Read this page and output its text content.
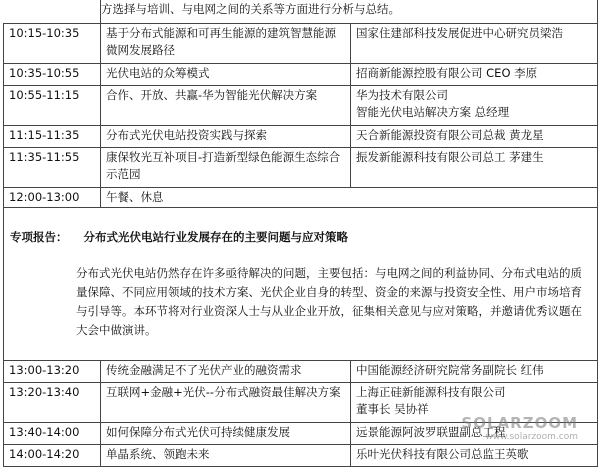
	方选择与培训、与电网之间的关系等方面进行分析与总结。	
10:15-10:35	基于分布式能源和可再生能源的建筑智慧能源微网发展路径	国家住建部科技发展促进中心研究员梁浩
10:35-10:55	光伏电站的众筹模式	招商新能源控股有限公司 CEO 李原
10:55-11:15	合作、开放、共赢-华为智能光伏解决方案	华为技术有限公司
智能光伏电站解决方案 总经理
11:15-11:35	分布式光伏电站投资实践与探索	天合新能源投资有限公司总裁 黄龙星
11:35-11:55	康保牧光互补项目-打造新型绿色能源生态综合示范园	振发新能源科技有限公司总工 茅建生
12:00-13:00	午餐、休息	

专项报告： 分布式光伏电站行业发展存在的主要问题与应对策略

分布式光伏电站仍然存在许多亟待解决的问题，主要包括：与电网之间的利益协同、分布式电站的质量保障、不同应用领域的技术方案、光伏企业自身的转型、资金的来源与投资安全性、用户市场培育与引导等。本环节将对行业资深人士与从业企业开放，征集相关意见与应对策略，并邀请优秀议题在大会中做演讲。		

13:00-13:20	传统金融满足不了光伏产业的融资需求	中国能源经济研究院常务副院长 红伟
13:20-13:40	互联网+金融+光伏--分布式融资最佳解决方案	上海正硅新能源科技有限公司
董事长 吴协祥
13:40-14:00	如何保障分布式光伏可持续健康发展	远景能源阿波罗联盟副总工程
14:00-14:20	单晶系统、领跑未来	乐叶光伏科技有限公司总监王英歌
SOLARZOOM
www.solarzoom.com
